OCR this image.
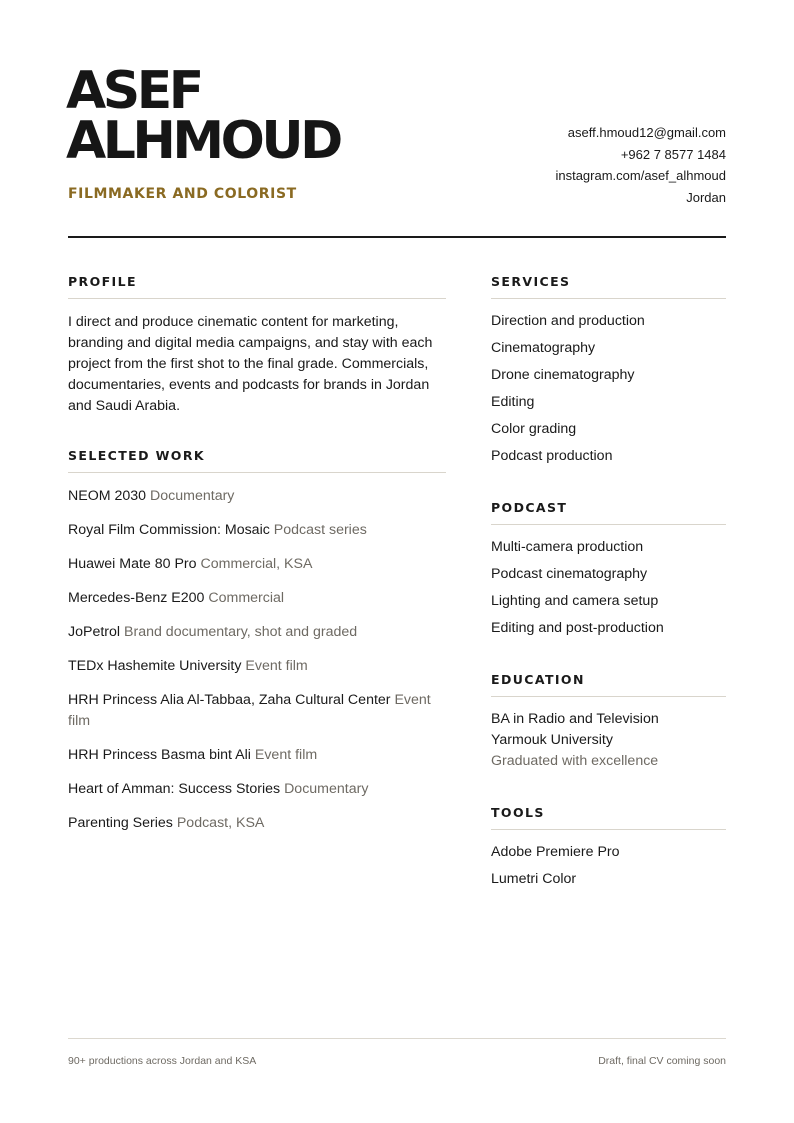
ASEF
ALHMOUD
FILMMAKER AND COLORIST
aseff.hmoud12@gmail.com
+962 7 8577 1484
instagram.com/asef_alhmoud
Jordan
PROFILE

I direct and produce cinematic content for marketing, branding and digital media campaigns, and stay with each project from the first shot to the final grade. Commercials, documentaries, events and podcasts for brands in Jordan and Saudi Arabia.

SELECTED WORK
NEOM 2030 Documentary
Royal Film Commission: Mosaic Podcast series
Huawei Mate 80 Pro Commercial, KSA
Mercedes-Benz E200 Commercial
JoPetrol Brand documentary, shot and graded
TEDx Hashemite University Event film
HRH Princess Alia Al-Tabbaa, Zaha Cultural Center Event film
HRH Princess Basma bint Ali Event film
Heart of Amman: Success Stories Documentary
Parenting Series Podcast, KSA
SERVICES
Direction and production
Cinematography
Drone cinematography
Editing
Color grading
Podcast production
PODCAST
Multi-camera production
Podcast cinematography
Lighting and camera setup
Editing and post-production
EDUCATION
BA in Radio and Television
Yarmouk University
Graduated with excellence
TOOLS
Adobe Premiere Pro
Lumetri Color
90+ productions across Jordan and KSA	Draft, final CV coming soon
